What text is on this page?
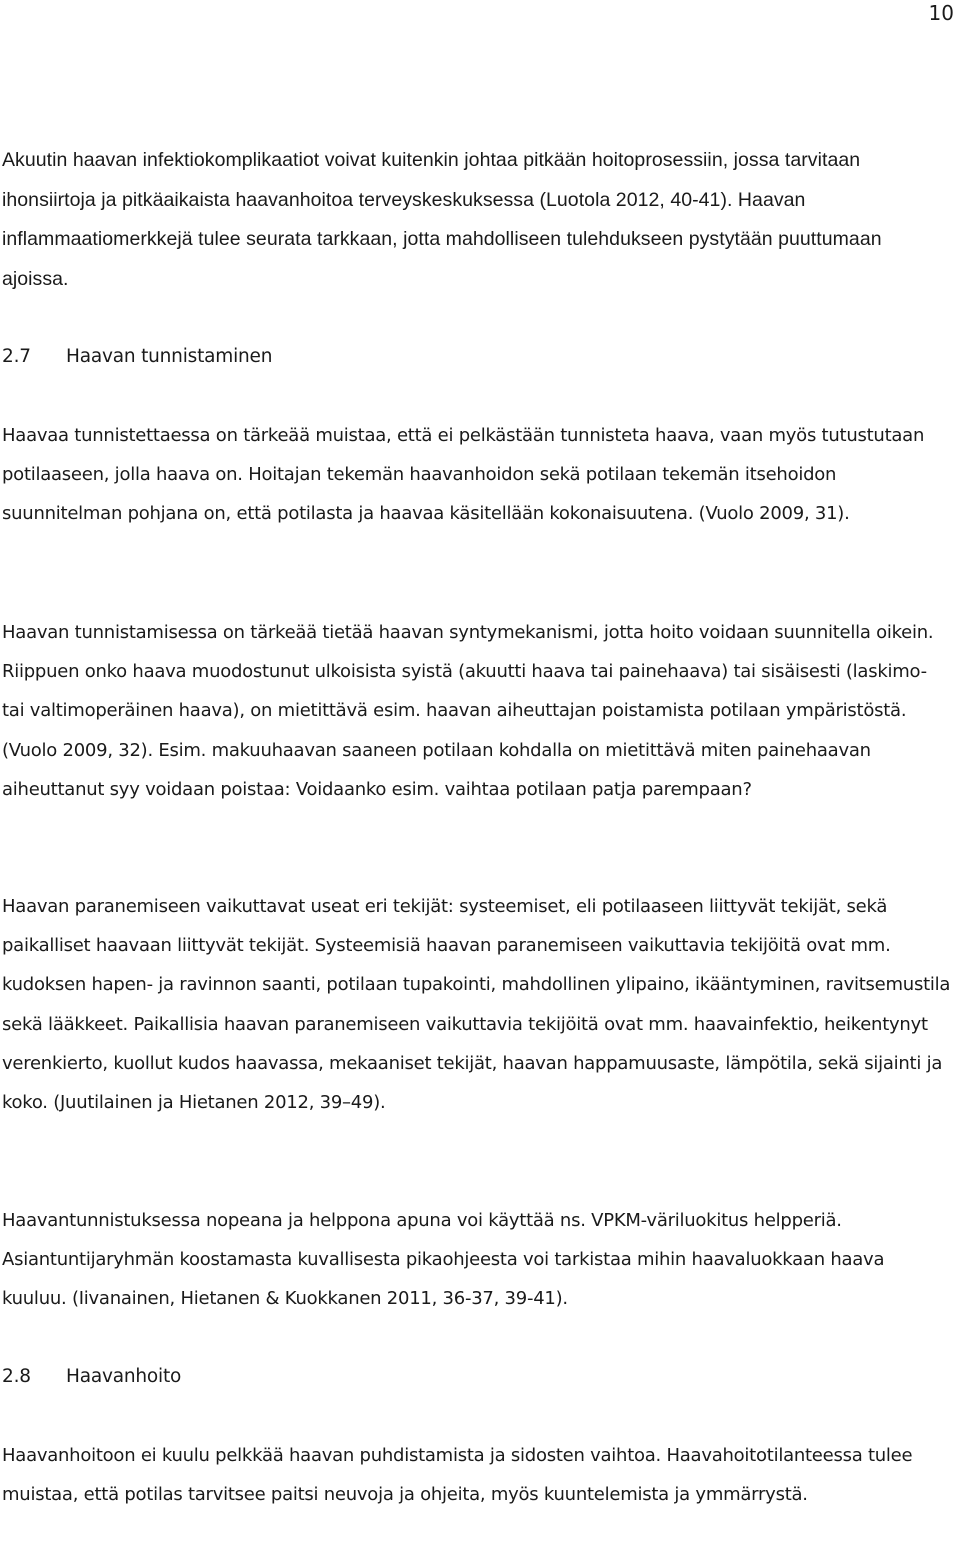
10

Akuutin haavan infektiokomplikaatiot voivat kuitenkin johtaa pitkään hoitoprosessiin, jossa tarvitaan ihonsiirtoja ja pitkäaikaista haavanhoitoa terveyskeskuksessa (Luotola 2012, 40-41). Haavan inflammaatiomerkkejä tulee seurata tarkkaan, jotta mahdolliseen tulehdukseen pystytään puuttumaan ajoissa.

2.7 Haavan tunnistaminen

Haavaa tunnistettaessa on tärkeää muistaa, että ei pelkästään tunnisteta haava, vaan myös tutustutaan potilaaseen, jolla haava on. Hoitajan tekemän haavanhoidon sekä potilaan tekemän itsehoidon suunnitelman pohjana on, että potilasta ja haavaa käsitellään kokonaisuutena. (Vuolo 2009, 31).

Haavan tunnistamisessa on tärkeää tietää haavan syntymekanismi, jotta hoito voidaan suunnitella oikein. Riippuen onko haava muodostunut ulkoisista syistä (akuutti haava tai painehaava) tai sisäisesti (laskimo- tai valtimoperäinen haava), on mietittävä esim. haavan aiheuttajan poistamista potilaan ympäristöstä. (Vuolo 2009, 32). Esim. makuuhaavan saaneen potilaan kohdalla on mietittävä miten painehaavan aiheuttanut syy voidaan poistaa: Voidaanko esim. vaihtaa potilaan patja parempaan?

Haavan paranemiseen vaikuttavat useat eri tekijät: systeemiset, eli potilaaseen liittyvät tekijät, sekä paikalliset haavaan liittyvät tekijät. Systeemisiä haavan paranemiseen vaikuttavia tekijöitä ovat mm. kudoksen hapen- ja ravinnon saanti, potilaan tupakointi, mahdollinen ylipaino, ikääntyminen, ravitsemustila sekä lääkkeet. Paikallisia haavan paranemiseen vaikuttavia tekijöitä ovat mm. haavainfektio, heikentynyt verenkierto, kuollut kudos haavassa, mekaaniset tekijät, haavan happamuusaste, lämpötila, sekä sijainti ja koko. (Juutilainen ja Hietanen 2012, 39–49).

Haavantunnistuksessa nopeana ja helppona apuna voi käyttää ns. VPKM-väriluokitus helpperiä. Asiantuntijaryhmän koostamasta kuvallisesta pikaohjeesta voi tarkistaa mihin haavaluokkaan haava kuuluu. (Iivanainen, Hietanen & Kuokkanen 2011, 36-37, 39-41).

2.8 Haavanhoito

Haavanhoitoon ei kuulu pelkkää haavan puhdistamista ja sidosten vaihtoa. Haavahoitotilanteessa tulee muistaa, että potilas tarvitsee paitsi neuvoja ja ohjeita, myös kuuntelemista ja ymmärrystä.
